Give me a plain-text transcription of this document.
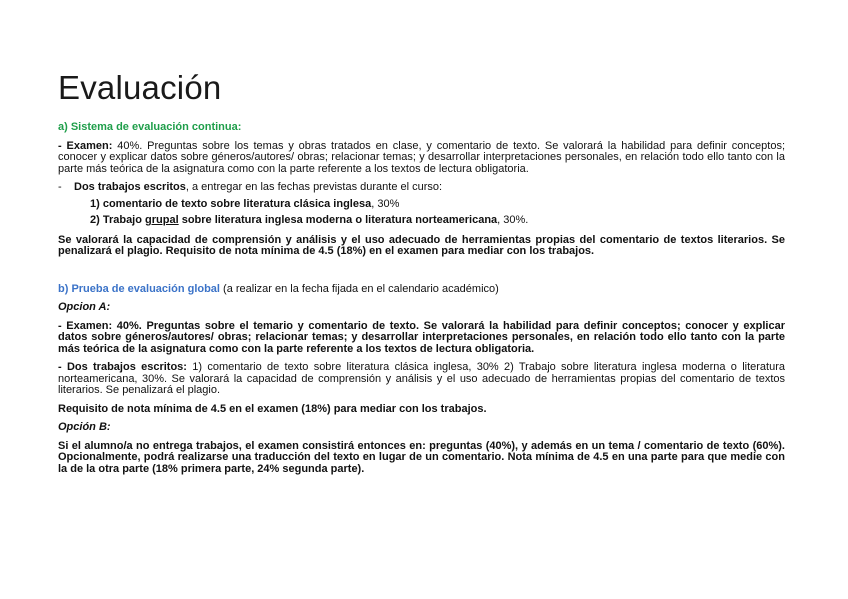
Evaluación

a) Sistema de evaluación continua:

- Examen: 40%. Preguntas sobre los temas y obras tratados en clase, y comentario de texto. Se valorará la habilidad para definir conceptos; conocer y explicar datos sobre géneros/autores/ obras; relacionar temas; y desarrollar interpretaciones personales, en relación todo ello tanto con la parte más teórica de la asignatura como con la parte referente a los textos de lectura obligatoria.

-	Dos trabajos escritos, a entregar en las fechas previstas durante el curso:
1) comentario de texto sobre literatura clásica inglesa, 30%
2) Trabajo grupal sobre literatura inglesa moderna o literatura norteamericana, 30%.

Se valorará la capacidad de comprensión y análisis y el uso adecuado de herramientas propias del comentario de textos literarios. Se penalizará el plagio. Requisito de nota mínima de 4.5 (18%) en el examen para mediar con los trabajos.

b) Prueba de evaluación global (a realizar en la fecha fijada en el calendario académico)

Opcion A:

- Examen: 40%. Preguntas sobre el temario y comentario de texto. Se valorará la habilidad para definir conceptos; conocer y explicar datos sobre géneros/autores/ obras; relacionar temas; y desarrollar interpretaciones personales, en relación todo ello tanto con la parte más teórica de la asignatura como con la parte referente a los textos de lectura obligatoria.

- Dos trabajos escritos: 1) comentario de texto sobre literatura clásica inglesa, 30% 2) Trabajo sobre literatura inglesa moderna o literatura norteamericana, 30%. Se valorará la capacidad de comprensión y análisis y el uso adecuado de herramientas propias del comentario de textos literarios. Se penalizará el plagio.

Requisito de nota mínima de 4.5 en el examen (18%) para mediar con los trabajos.

Opción B:

Si el alumno/a no entrega trabajos, el examen consistirá entonces en: preguntas (40%), y además en un tema / comentario de texto (60%). Opcionalmente, podrá realizarse una traducción del texto en lugar de un comentario. Nota mínima de 4.5 en una parte para que medie con la de la otra parte (18% primera parte, 24% segunda parte).
